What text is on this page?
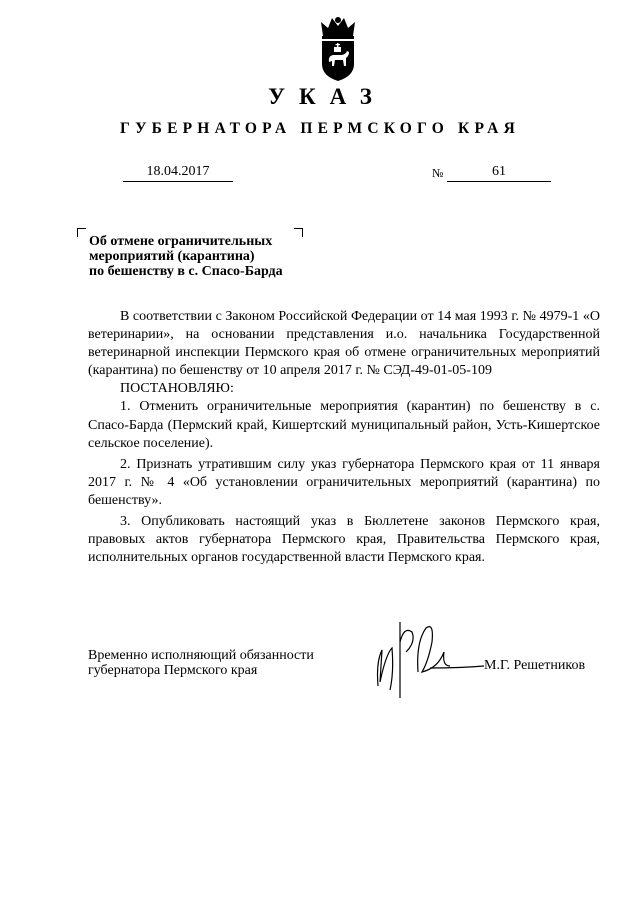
УКАЗ
ГУБЕРНАТОРА ПЕРМСКОГО КРАЯ
18.04.2017	№	61
Об отмене ограничительных
мероприятий (карантина)
по бешенству в с. Спасо-Барда

В соответствии с Законом Российской Федерации от 14 мая 1993 г. № 4979-1 «О ветеринарии», на основании представления и.о. начальника Государственной ветеринарной инспекции Пермского края об отмене ограничительных мероприятий (карантина) по бешенству от 10 апреля 2017 г. № СЭД-49-01-05-109

ПОСТАНОВЛЯЮ:

1. Отменить ограничительные мероприятия (карантин) по бешенству в с. Спасо-Барда (Пермский край, Кишертский муниципальный район, Усть-Кишертское сельское поселение).

2. Признать утратившим силу указ губернатора Пермского края от 11 января 2017 г. № 4 «Об установлении ограничительных мероприятий (карантина) по бешенству».

3. Опубликовать настоящий указ в Бюллетене законов Пермского края, правовых актов губернатора Пермского края, Правительства Пермского края, исполнительных органов государственной власти Пермского края.

Временно исполняющий обязанности
губернатора Пермского края	М.Г. Решетников
